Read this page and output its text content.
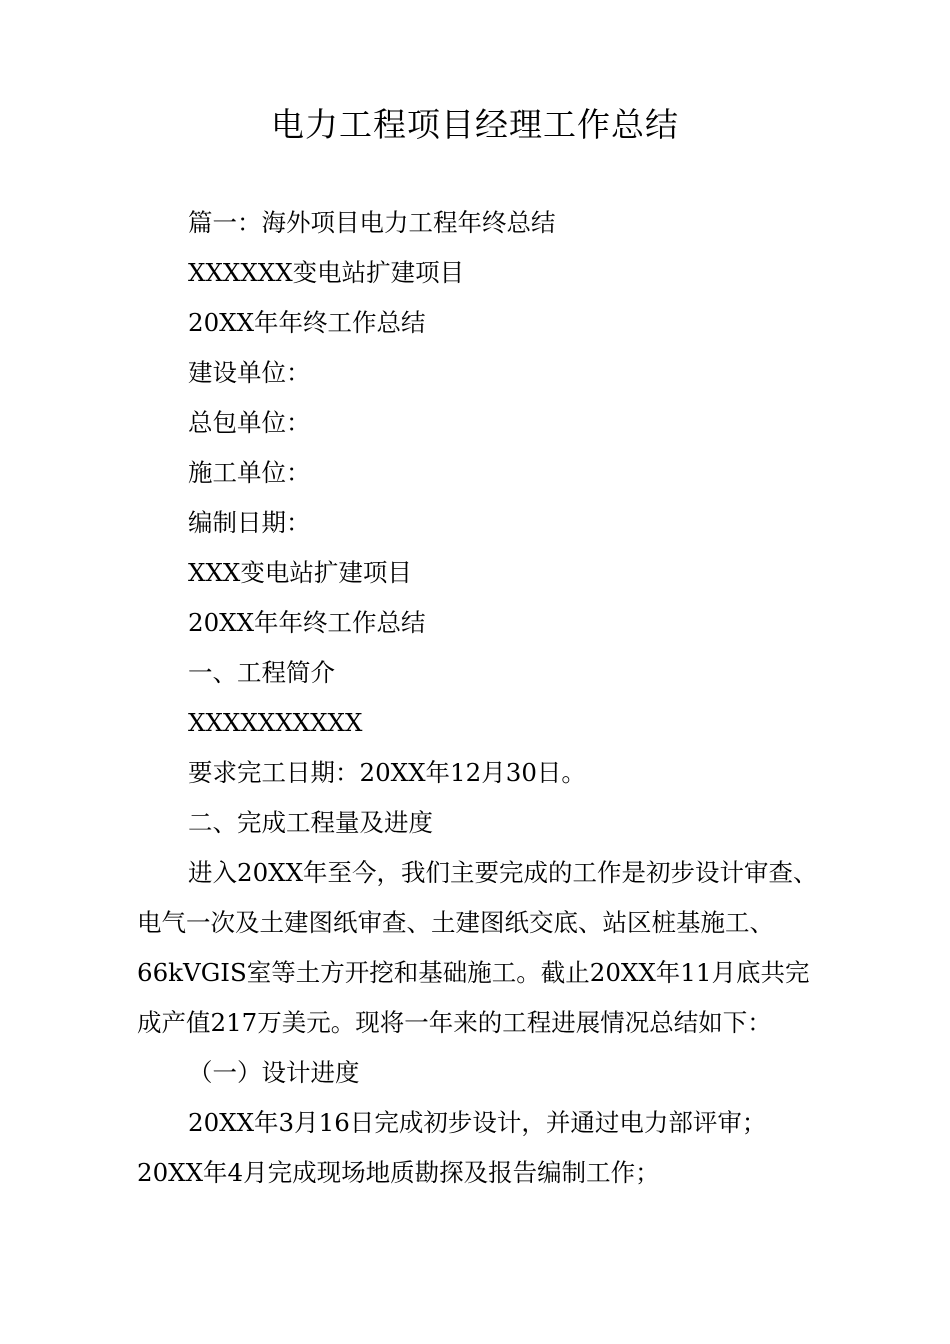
电力工程项目经理工作总结

篇一：海外项目电力工程年终总结

XXXXXX变电站扩建项目

20XX年年终工作总结

建设单位：

总包单位：

施工单位：

编制日期：

XXX变电站扩建项目

20XX年年终工作总结

一、工程简介

XXXXXXXXXX

要求完工日期：20XX年12月30日。

二、完成工程量及进度

进入20XX年至今，我们主要完成的工作是初步设计审查、

电气一次及土建图纸审查、土建图纸交底、站区桩基施工、

66kVGIS室等土方开挖和基础施工。截止20XX年11月底共完

成产值217万美元。现将一年来的工程进展情况总结如下：

（一）设计进度

20XX年3月16日完成初步设计，并通过电力部评审；

20XX年4月完成现场地质勘探及报告编制工作；
